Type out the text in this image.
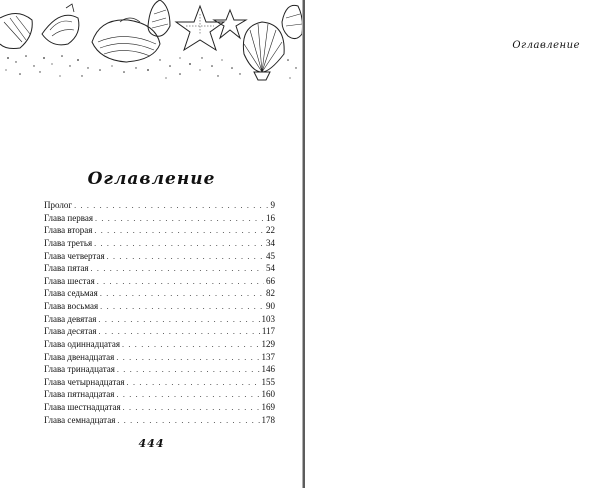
Оглавление
Пролог . . .	9
Глава первая . . .	16
Глава вторая . . .	22
Глава третья . . .	34
Глава четвертая . . .	45
Глава пятая . . .	54
Глава шестая . . .	66
Глава седьмая . . .	82
Глава восьмая . . .	90
Глава девятая . . .	103
Глава десятая . . .	117
Глава одиннадцатая . . .	129
Глава двенадцатая . . .	137
Глава тринадцатая . . .	146
Глава четырнадцатая . . .	155
Глава пятнадцатая . . .	160
Глава шестнадцатая . . .	169
Глава семнадцатая . . .	178
444
Оглавление
